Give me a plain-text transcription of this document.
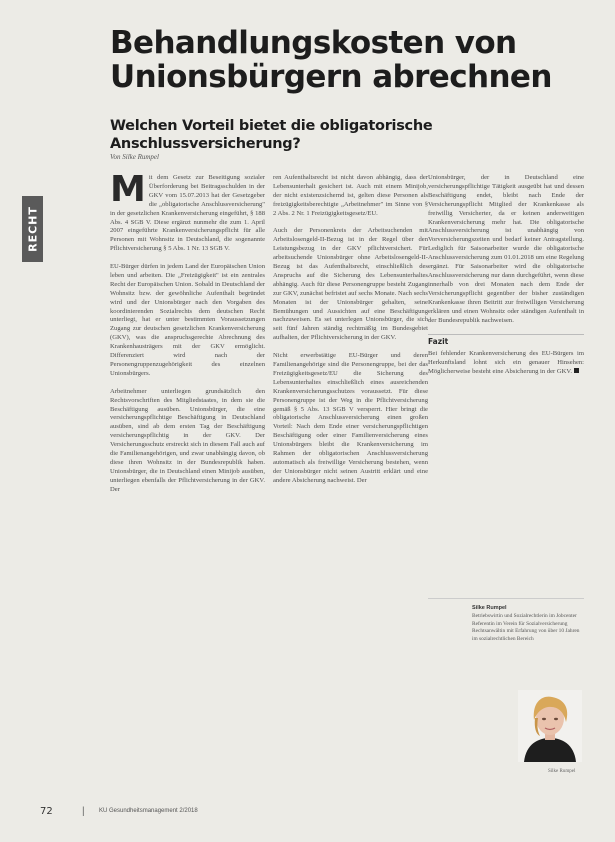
Behandlungskosten von Unionsbürgern abrechnen
Welchen Vorteil bietet die obligatorische Anschlussversicherung?
Von Silke Rumpel
RECHT

Mit dem Gesetz zur Beseitigung sozialer Überforderung bei Beitragsschulden in der GKV vom 15.07.2013 hat der Gesetzgeber die „obligatorische Anschlussversicherung" in der gesetzlichen Krankenversicherung eingeführt, § 188 Abs. 4 SGB V. Diese ergänzt nunmehr die zum 1. April 2007 eingeführte Krankenversicherungspflicht für alle Personen mit Wohnsitz in Deutschland, die sogenannte Pflichtversicherung § 5 Abs. 1 Nr. 13 SGB V.

EU-Bürger dürfen in jedem Land der Europäischen Union leben und arbeiten. Die „Freizügigkeit" ist ein zentrales Recht der Europäischen Union. Sobald in Deutschland der Wohnsitz bzw. der gewöhnliche Aufenthalt begründet wird und der Unionsbürger nach den Vorgaben des koordinierenden Sozialrechts dem deutschen Recht unterliegt, hat er unter bestimmten Voraussetzungen Zugang zur deutschen gesetzlichen Krankenversicherung (GKV), was die anspruchsgerechte Abrechnung des Krankenhausträgers mit der GKV ermöglicht. Differenziert wird nach der Personengruppenzugehörigkeit des einzelnen Unionsbürgers.

Arbeitnehmer unterliegen grundsätzlich den Rechtsvorschriften des Mitgliedstaates, in dem sie die Beschäftigung ausüben. Unionsbürger, die eine versicherungspflichtige Beschäftigung in Deutschland ausüben, sind ab dem ersten Tag der Beschäftigung versicherungspflichtig in der GKV. Der Versicherungsschutz erstreckt sich in diesem Fall auch auf die Familienangehörigen, und zwar unabhängig davon, ob diese ihren Wohnsitz in der Bundesrepublik haben. Unionsbürger, die in Deutschland einen Minijob ausüben, unterliegen ebenfalls der Pflichtversicherung in der GKV. Der

ren Aufenthaltsrecht ist nicht davon abhängig, dass der Lebensunterhalt gesichert ist. Auch mit einem Minijob, der nicht existenzsichernd ist, gelten diese Personen als freizügigkeitsberechtigte „Arbeitnehmer" im Sinne von § 2 Abs. 2 Nr. 1 Freizügigkeitsgesetz/EU.

Auch der Personenkreis der Arbeitsuchenden mit Arbeitslosengeld-II-Bezug ist in der Regel über den Leistungsbezug in der GKV pflichtversichert. Für arbeitsuchende Unionsbürger ohne Arbeitslosengeld-II-Bezug ist das Aufenthaltsrecht, einschließlich des Anspruchs auf die Sicherung des Lebensunterhaltes abhängig. Auch für diese Personengruppe besteht Zugang zur GKV, zunächst befristet auf sechs Monate. Nach sechs Monaten ist der Unionsbürger gehalten, seine Bemühungen und Aussichten auf eine Beschäftigung nachzuweisen. Es sei unterlegen Unionsbürger, die sich seit fünf Jahren ständig rechtmäßig im Bundesgebiet aufhalten, der Pflichtversicherung in der GKV.

Nicht erwerbstätige EU-Bürger und deren Familienangehörige sind die Personengruppe, bei der das Freizügigkeitsgesetz/EU die Sicherung des Lebensunterhaltes einschließlich eines ausreichenden Krankenversicherungsschutzes voraussetzt. Für diese Personengruppe ist der Weg in die Pflichtversicherung gemäß § 5 Abs. 13 SGB V versperrt. Hier bringt die obligatorische Anschlussversicherung einen großen Vorteil: Nach dem Ende einer versicherungspflichtigen Beschäftigung oder einer Familienversicherung eines Unionsbürgers bleibt die Krankenversicherung im Rahmen der obligatorischen Anschlussversicherung automatisch als freiwillige Versicherung bestehen, wenn der Unionsbürger nicht seinen Austritt erklärt und eine andere Absicherung nachweist. Der

Unionsbürger, der in Deutschland eine versicherungspflichtige Tätigkeit ausgeübt hat und dessen Beschäftigung endet, bleibt nach Ende der Versicherungspflicht Mitglied der Krankenkasse als freiwillig Versicherter, da er keinen anderweitigen Krankenversicherung mehr hat. Die obligatorische Anschlussversicherung ist unabhängig von Vorversicherungszeiten und bedarf keiner Antragstellung. Lediglich für Saisonarbeiter wurde die obligatorische Anschlussversicherung zum 01.01.2018 um eine Regelung ergänzt. Für Saisonarbeiter wird die obligatorische Anschlussversicherung nur dann durchgeführt, wenn diese innerhalb von drei Monaten nach dem Ende der Versicherungspflicht gegenüber der bisher zuständigen Krankenkasse ihren Beitritt zur freiwilligen Versicherung erklären und einen Wohnsitz oder ständigen Aufenthalt in der Bundesrepublik nachweisen.

Fazit

Bei fehlender Krankenversicherung des EU-Bürgers im Herkunftsland lohnt sich ein genauer Hinsehen: Möglicherweise besteht eine Absicherung in der GKV.

Silke Rumpel
Betriebswirtin und Sozialrechtlerin im Jobcenter
Referentin im Verein für Sozialversicherung
Rechtsanwältin mit Erfahrung von über 10 Jahren im sozialrechtlichen Bereich
Silke Rumpel
72	| KU Gesundheitsmanagement 2/2018
